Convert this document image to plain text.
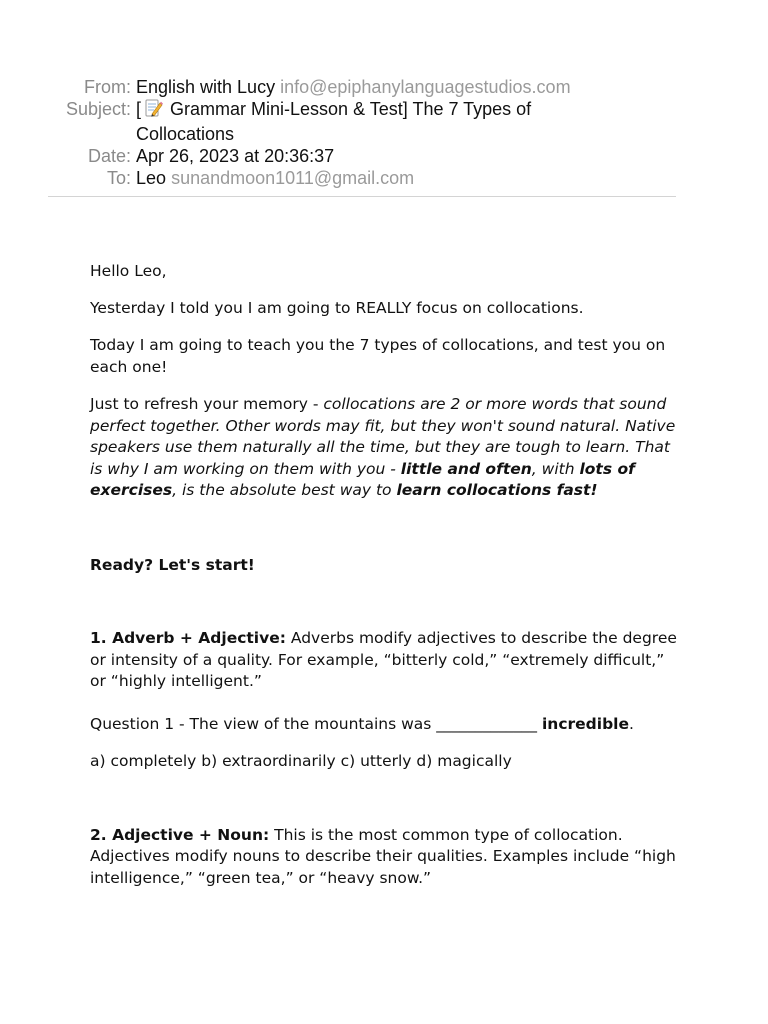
From: English with Lucy info@epiphanylanguagestudios.com
Subject: [ Grammar Mini-Lesson & Test] The 7 Types of Collocations
Date: Apr 26, 2023 at 20:36:37
To: Leo sunandmoon1011@gmail.com

Hello Leo,

Yesterday I told you I am going to REALLY focus on collocations.

Today I am going to teach you the 7 types of collocations, and test you on each one!

Just to refresh your memory - collocations are 2 or more words that sound perfect together. Other words may fit, but they won't sound natural. Native speakers use them naturally all the time, but they are tough to learn. That is why I am working on them with you - little and often, with lots of exercises, is the absolute best way to learn collocations fast!

Ready? Let's start!

1. Adverb + Adjective: Adverbs modify adjectives to describe the degree or intensity of a quality. For example, “bitterly cold,” “extremely difficult,” or “highly intelligent.”

Question 1 - The view of the mountains was _____________ incredible.

a) completely b) extraordinarily c) utterly d) magically

2. Adjective + Noun: This is the most common type of collocation. Adjectives modify nouns to describe their qualities. Examples include “high intelligence,” “green tea,” or “heavy snow.”
